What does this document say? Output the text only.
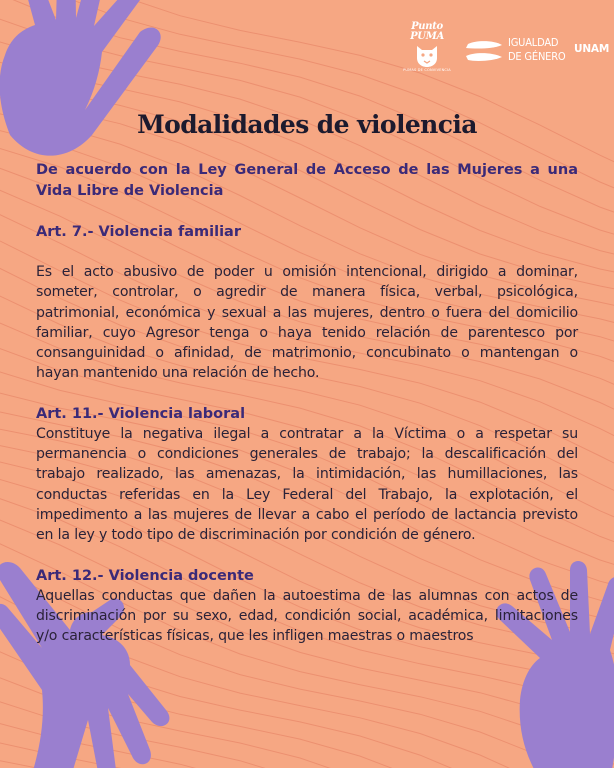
Punto PUMA
PUMAS DE CONVIVENCIA
IGUALDAD
DE GÉNERO
UNAM
Modalidades de violencia

De acuerdo con la Ley General de Acceso de las Mujeres a una Vida Libre de Violencia

Art. 7.- Violencia familiar

Es el acto abusivo de poder u omisión intencional, dirigido a dominar, someter, controlar, o agredir de manera física, verbal, psicológica, patrimonial, económica y sexual a las mujeres, dentro o fuera del domicilio familiar, cuyo Agresor tenga o haya tenido relación de parentesco por consanguinidad o afinidad, de matrimonio, concubinato o mantengan o hayan mantenido una relación de hecho.

Art. 11.- Violencia laboral

Constituye la negativa ilegal a contratar a la Víctima o a respetar su permanencia o condiciones generales de trabajo; la descalificación del trabajo realizado, las amenazas, la intimidación, las humillaciones, las conductas referidas en la Ley Federal del Trabajo, la explotación, el impedimento a las mujeres de llevar a cabo el período de lactancia previsto en la ley y todo tipo de discriminación por condición de género.

Art. 12.- Violencia docente

Aquellas conductas que dañen la autoestima de las alumnas con actos de discriminación por su sexo, edad, condición social, académica, limitaciones y/o características físicas, que les infligen maestras o maestros
